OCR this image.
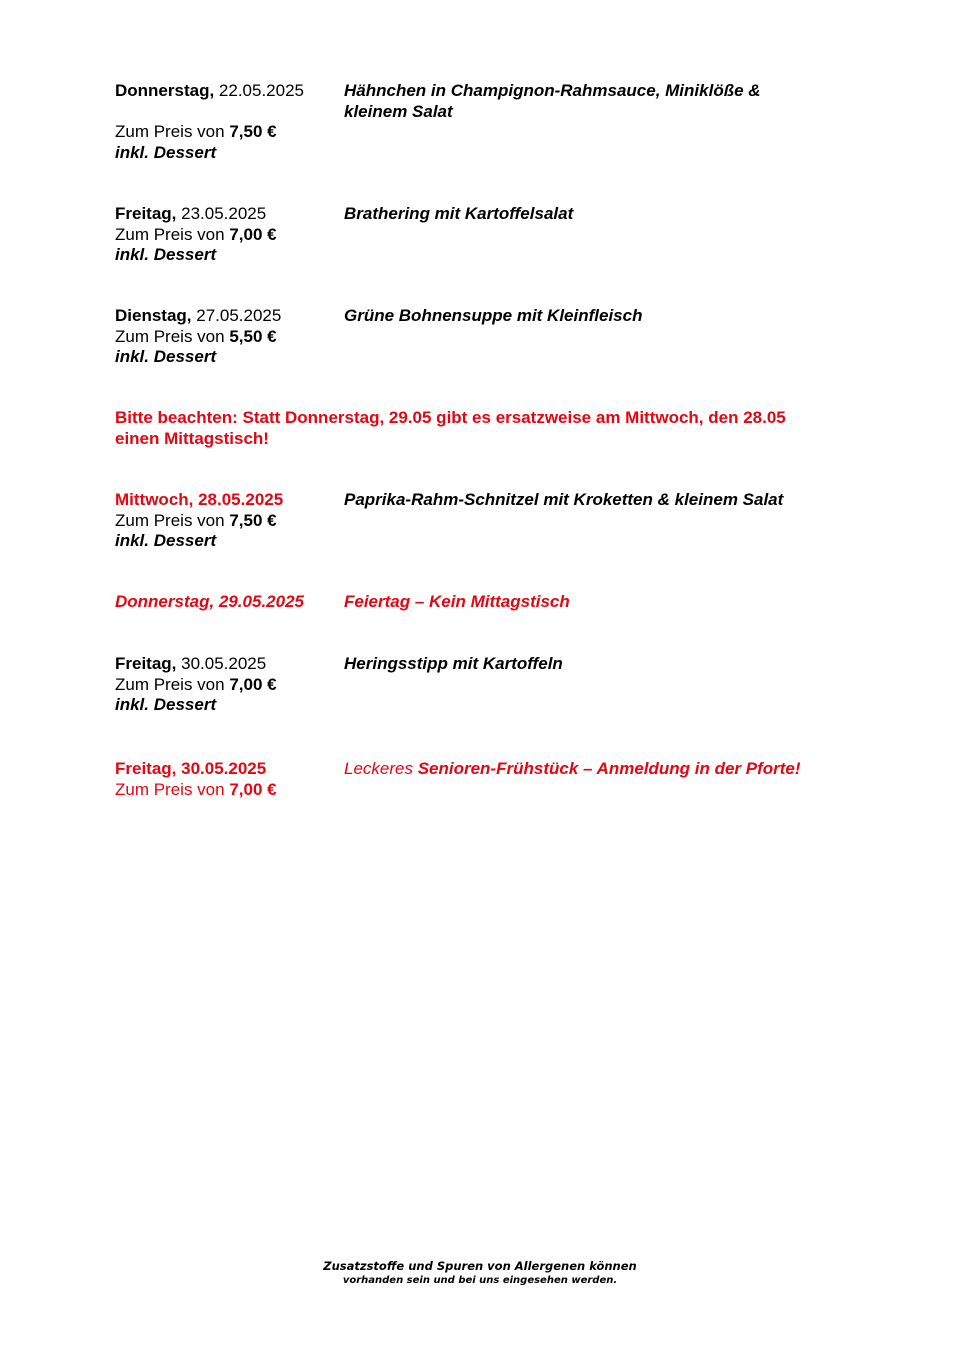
Donnerstag, 22.05.2025
Zum Preis von 7,50 €
inkl. Dessert
Hähnchen in Champignon-Rahmsauce, Miniklöße &
kleinem Salat
Freitag, 23.05.2025
Zum Preis von 7,00 €
inkl. Dessert
Brathering mit Kartoffelsalat
Dienstag, 27.05.2025
Zum Preis von 5,50 €
inkl. Dessert
Grüne Bohnensuppe mit Kleinfleisch
Bitte beachten: Statt Donnerstag, 29.05 gibt es ersatzweise am Mittwoch, den 28.05
einen Mittagstisch!
Mittwoch, 28.05.2025
Zum Preis von 7,50 €
inkl. Dessert
Paprika-Rahm-Schnitzel mit Kroketten & kleinem Salat
Donnerstag, 29.05.2025	Feiertag – Kein Mittagstisch
Freitag, 30.05.2025
Zum Preis von 7,00 €
inkl. Dessert
Heringsstipp mit Kartoffeln
Freitag, 30.05.2025
Zum Preis von 7,00 €
Leckeres Senioren-Frühstück – Anmeldung in der Pforte!
Zusatzstoffe und Spuren von Allergenen können
vorhanden sein und bei uns eingesehen werden.
